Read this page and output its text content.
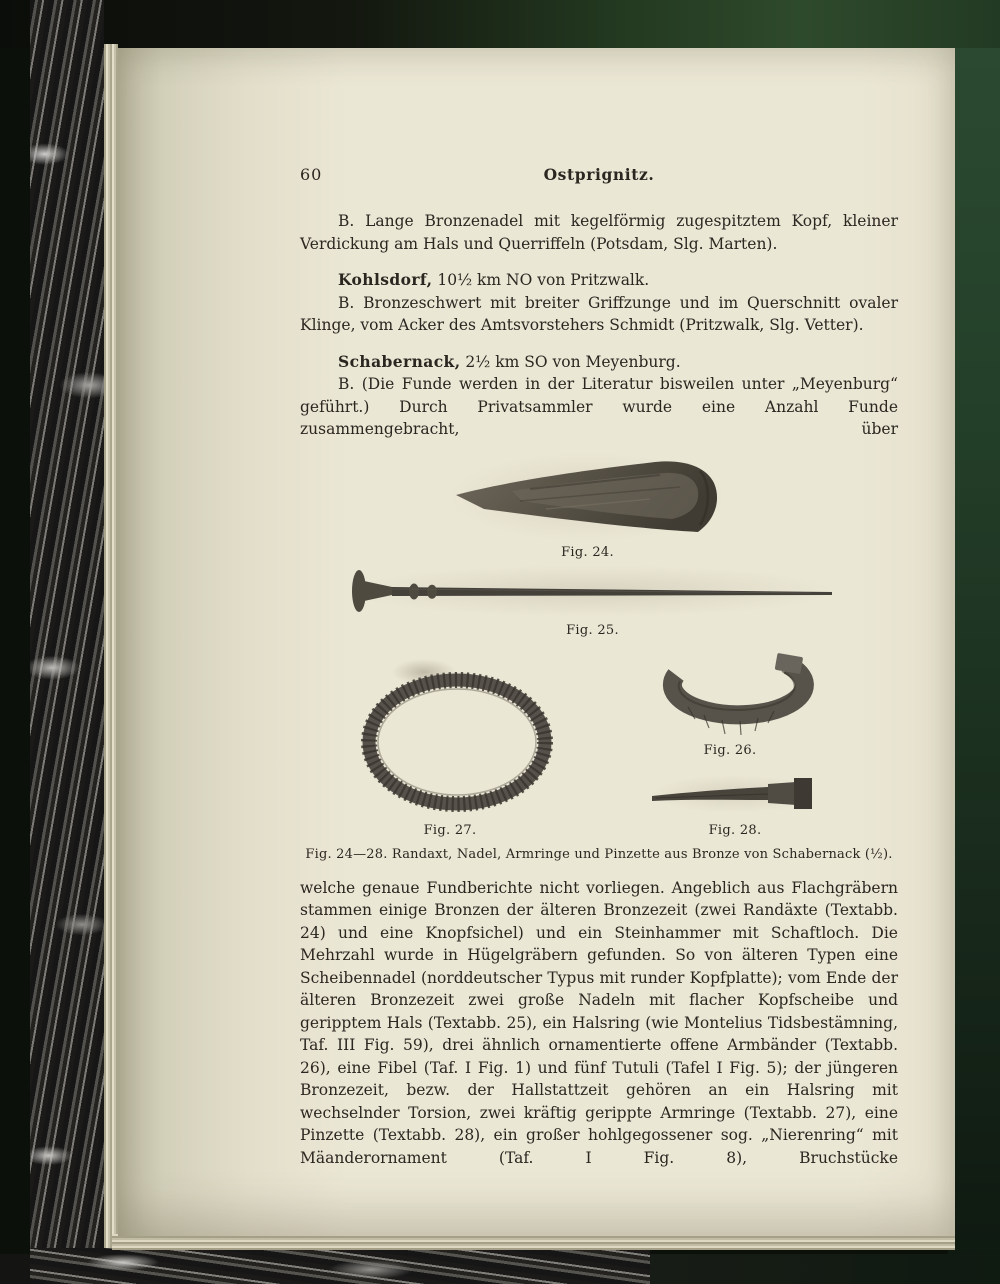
60	Ostprignitz.

B. Lange Bronzenadel mit kegelförmig zugespitztem Kopf, kleiner Verdickung am Hals und Querriffeln (Potsdam, Slg. Marten).

Kohlsdorf, 10½ km NO von Pritzwalk.

B. Bronzeschwert mit breiter Griffzunge und im Querschnitt ovaler Klinge, vom Acker des Amtsvorstehers Schmidt (Pritzwalk, Slg. Vetter).

Schabernack, 2½ km SO von Meyenburg.

B. (Die Funde werden in der Literatur bisweilen unter „Meyenburg“ geführt.) Durch Privatsammler wurde eine Anzahl Funde zusammengebracht, über

Fig. 24.
Fig. 25.
Fig. 26.
Fig. 27.	Fig. 28.
Fig. 24—28. Randaxt, Nadel, Armringe und Pinzette aus Bronze von Schabernack (½).

welche genaue Fundberichte nicht vorliegen. Angeblich aus Flachgräbern stammen einige Bronzen der älteren Bronzezeit (zwei Randäxte (Textabb. 24) und eine Knopfsichel) und ein Steinhammer mit Schaftloch. Die Mehrzahl wurde in Hügelgräbern gefunden. So von älteren Typen eine Scheibennadel (norddeutscher Typus mit runder Kopfplatte); vom Ende der älteren Bronzezeit zwei große Nadeln mit flacher Kopfscheibe und geripptem Hals (Textabb. 25), ein Halsring (wie Montelius Tidsbestämning, Taf. III Fig. 59), drei ähnlich ornamentierte offene Armbänder (Textabb. 26), eine Fibel (Taf. I Fig. 1) und fünf Tutuli (Tafel I Fig. 5); der jüngeren Bronzezeit, bezw. der Hallstattzeit gehören an ein Halsring mit wechselnder Torsion, zwei kräftig gerippte Armringe (Textabb. 27), eine Pinzette (Textabb. 28), ein großer hohlgegossener sog. „Nierenring“ mit Mäanderornament (Taf. I Fig. 8), Bruchstücke
